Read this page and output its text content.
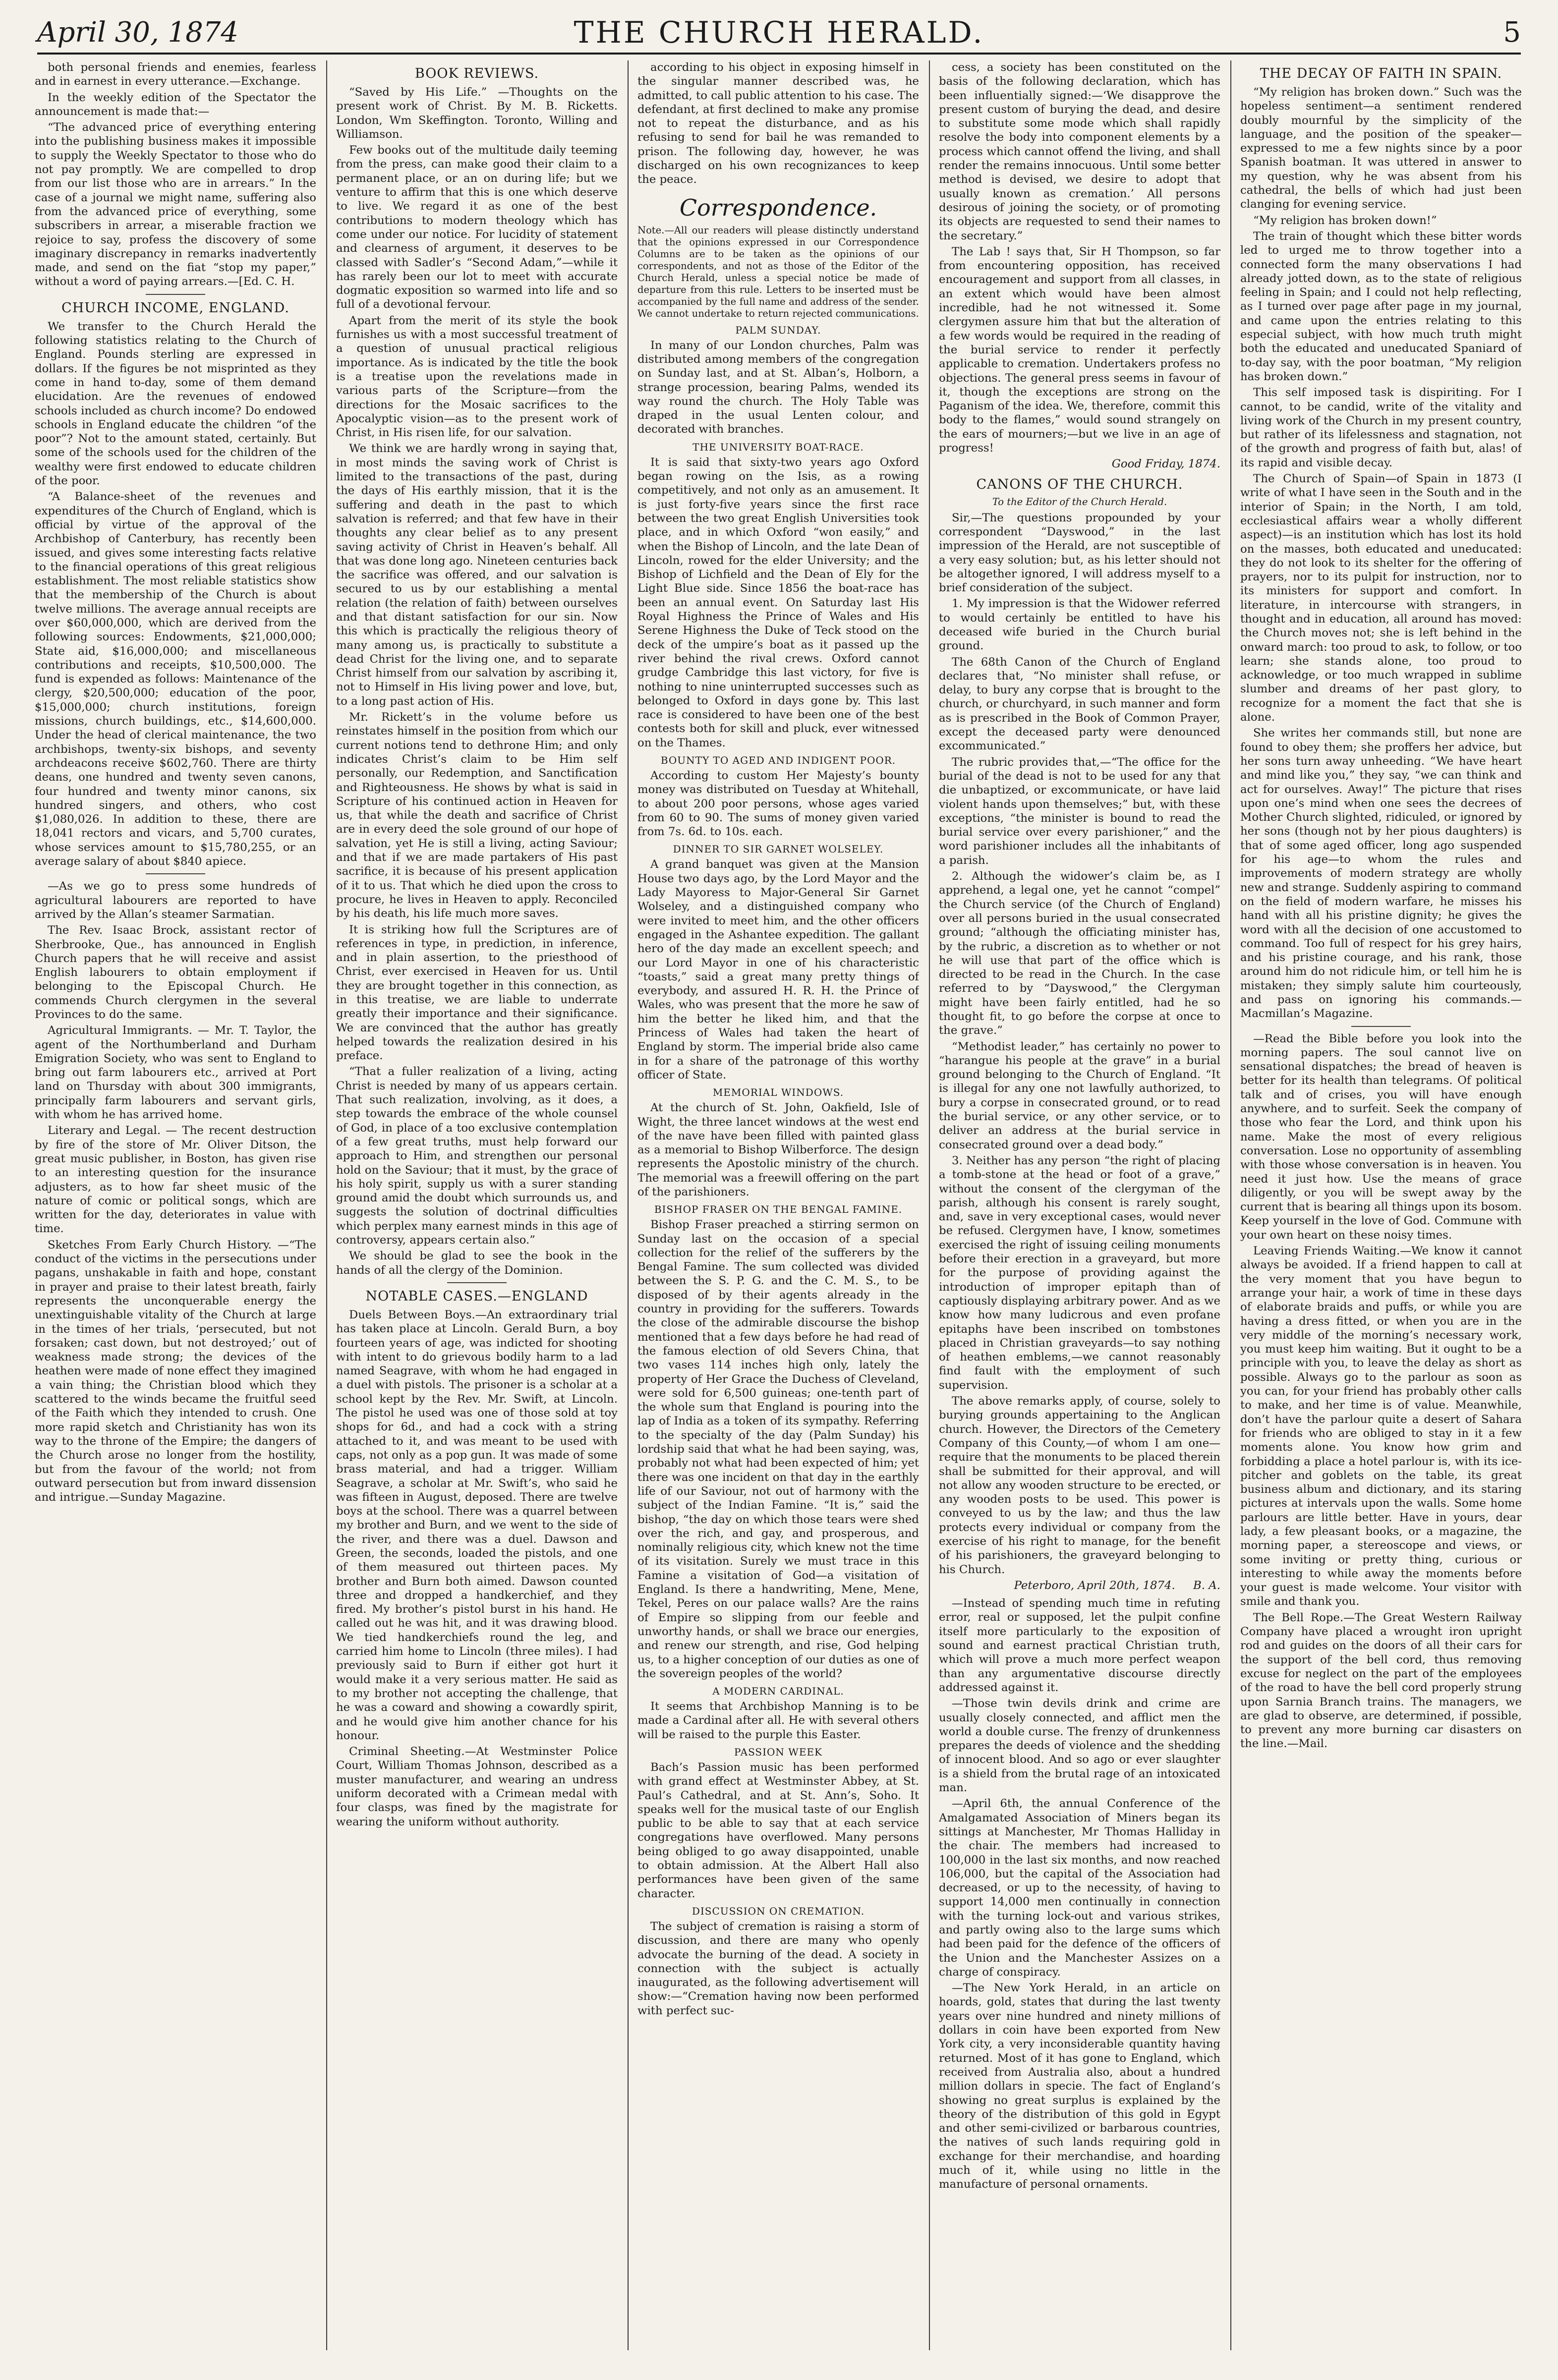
April 30, 1874	THE CHURCH HERALD.	5

both personal friends and enemies, fearless and in earnest in every utterance.—Exchange.

In the weekly edition of the Spectator the announcement is made that:—

“The advanced price of everything entering into the publishing business makes it impossible to supply the Weekly Spectator to those who do not pay promptly. We are compelled to drop from our list those who are in arrears.” In the case of a journal we might name, suffering also from the advanced price of everything, some subscribers in arrear, a miserable fraction we rejoice to say, profess the discovery of some imaginary discrepancy in remarks inadvertently made, and send on the fiat “stop my paper,” without a word of paying arrears.—[Ed. C. H.

CHURCH INCOME, ENGLAND.

We transfer to the Church Herald the following statistics relating to the Church of England. Pounds sterling are expressed in dollars. If the figures be not misprinted as they come in hand to-day, some of them demand elucidation. Are the revenues of endowed schools included as church income? Do endowed schools in England educate the children “of the poor”? Not to the amount stated, certainly. But some of the schools used for the children of the wealthy were first endowed to educate children of the poor.

“A Balance-sheet of the revenues and expenditures of the Church of England, which is official by virtue of the approval of the Archbishop of Canterbury, has recently been issued, and gives some interesting facts relative to the financial operations of this great religious establishment. The most reliable statistics show that the membership of the Church is about twelve millions. The average annual receipts are over $60,000,000, which are derived from the following sources: Endowments, $21,000,000; State aid, $16,000,000; and miscellaneous contributions and receipts, $10,500,000. The fund is expended as follows: Maintenance of the clergy, $20,500,000; education of the poor, $15,000,000; church institutions, foreign missions, church buildings, etc., $14,600,000. Under the head of clerical maintenance, the two archbishops, twenty-six bishops, and seventy archdeacons receive $602,760. There are thirty deans, one hundred and twenty seven canons, four hundred and twenty minor canons, six hundred singers, and others, who cost $1,080,026. In addition to these, there are 18,041 rectors and vicars, and 5,700 curates, whose services amount to $15,780,255, or an average salary of about $840 apiece.

—As we go to press some hundreds of agricultural labourers are reported to have arrived by the Allan’s steamer Sarmatian.

The Rev. Isaac Brock, assistant rector of Sherbrooke, Que., has announced in English Church papers that he will receive and assist English labourers to obtain employment if belonging to the Episcopal Church. He commends Church clergymen in the several Provinces to do the same.

Agricultural Immigrants. — Mr. T. Taylor, the agent of the Northumberland and Durham Emigration Society, who was sent to England to bring out farm labourers etc., arrived at Port land on Thursday with about 300 immigrants, principally farm labourers and servant girls, with whom he has arrived home.

Literary and Legal. — The recent destruction by fire of the store of Mr. Oliver Ditson, the great music publisher, in Boston, has given rise to an interesting question for the insurance adjusters, as to how far sheet music of the nature of comic or political songs, which are written for the day, deteriorates in value with time.

Sketches From Early Church History. —“The conduct of the victims in the persecutions under pagans, unshakable in faith and hope, constant in prayer and praise to their latest breath, fairly represents the unconquerable energy the unextinguishable vitality of the Church at large in the times of her trials, ‘persecuted, but not forsaken; cast down, but not destroyed;’ out of weakness made strong; the devices of the heathen were made of none effect they imagined a vain thing; the Christian blood which they scattered to the winds became the fruitful seed of the Faith which they intended to crush. One more rapid sketch and Christianity has won its way to the throne of the Empire; the dangers of the Church arose no longer from the hostility, but from the favour of the world; not from outward persecution but from inward dissension and intrigue.—Sunday Magazine.

BOOK REVIEWS.

“Saved by His Life.” —Thoughts on the present work of Christ. By M. B. Ricketts. London, Wm Skeffington. Toronto, Willing and Williamson.

Few books out of the multitude daily teeming from the press, can make good their claim to a permanent place, or an on during life; but we venture to affirm that this is one which deserve to live. We regard it as one of the best contributions to modern theology which has come under our notice. For lucidity of statement and clearness of argument, it deserves to be classed with Sadler’s “Second Adam,”—while it has rarely been our lot to meet with accurate dogmatic exposition so warmed into life and so full of a devotional fervour.

Apart from the merit of its style the book furnishes us with a most successful treatment of a question of unusual practical religious importance. As is indicated by the title the book is a treatise upon the revelations made in various parts of the Scripture—from the directions for the Mosaic sacrifices to the Apocalyptic vision—as to the present work of Christ, in His risen life, for our salvation.

We think we are hardly wrong in saying that, in most minds the saving work of Christ is limited to the transactions of the past, during the days of His earthly mission, that it is the suffering and death in the past to which salvation is referred; and that few have in their thoughts any clear belief as to any present saving activity of Christ in Heaven’s behalf. All that was done long ago. Nineteen centuries back the sacrifice was offered, and our salvation is secured to us by our establishing a mental relation (the relation of faith) between ourselves and that distant satisfaction for our sin. Now this which is practically the religious theory of many among us, is practically to substitute a dead Christ for the living one, and to separate Christ himself from our salvation by ascribing it, not to Himself in His living power and love, but, to a long past action of His.

Mr. Rickett’s in the volume before us reinstates himself in the position from which our current notions tend to dethrone Him; and only indicates Christ’s claim to be Him self personally, our Redemption, and Sanctification and Righteousness. He shows by what is said in Scripture of his continued action in Heaven for us, that while the death and sacrifice of Christ are in every deed the sole ground of our hope of salvation, yet He is still a living, acting Saviour; and that if we are made partakers of His past sacrifice, it is because of his present application of it to us. That which he died upon the cross to procure, he lives in Heaven to apply. Reconciled by his death, his life much more saves.

It is striking how full the Scriptures are of references in type, in prediction, in inference, and in plain assertion, to the priesthood of Christ, ever exercised in Heaven for us. Until they are brought together in this connection, as in this treatise, we are liable to underrate greatly their importance and their significance. We are convinced that the author has greatly helped towards the realization desired in his preface.

“That a fuller realization of a living, acting Christ is needed by many of us appears certain. That such realization, involving, as it does, a step towards the embrace of the whole counsel of God, in place of a too exclusive contemplation of a few great truths, must help forward our approach to Him, and strengthen our personal hold on the Saviour; that it must, by the grace of his holy spirit, supply us with a surer standing ground amid the doubt which surrounds us, and suggests the solution of doctrinal difficulties which perplex many earnest minds in this age of controversy, appears certain also.”

We should be glad to see the book in the hands of all the clergy of the Dominion.

NOTABLE CASES.—ENGLAND

Duels Between Boys.—An extraordinary trial has taken place at Lincoln. Gerald Burn, a boy fourteen years of age, was indicted for shooting with intent to do grievous bodily harm to a lad named Seagrave, with whom he had engaged in a duel with pistols. The prisoner is a scholar at a school kept by the Rev. Mr. Swift, at Lincoln. The pistol he used was one of those sold at toy shops for 6d., and had a cock with a string attached to it, and was meant to be used with caps, not only as a pop gun. It was made of some brass material, and had a trigger. William Seagrave, a scholar at Mr. Swift’s, who said he was fifteen in August, deposed. There are twelve boys at the school. There was a quarrel between my brother and Burn, and we went to the side of the river, and there was a duel. Dawson and Green, the seconds, loaded the pistols, and one of them measured out thirteen paces. My brother and Burn both aimed. Dawson counted three and dropped a handkerchief, and they fired. My brother’s pistol burst in his hand. He called out he was hit, and it was drawing blood. We tied handkerchiefs round the leg, and carried him home to Lincoln (three miles). I had previously said to Burn if either got hurt it would make it a very serious matter. He said as to my brother not accepting the challenge, that he was a coward and showing a cowardly spirit, and he would give him another chance for his honour.

Criminal Sheeting.—At Westminster Police Court, William Thomas Johnson, described as a muster manufacturer, and wearing an undress uniform decorated with a Crimean medal with four clasps, was fined by the magistrate for wearing the uniform without authority.

according to his object in exposing himself in the singular manner described was, he admitted, to call public attention to his case. The defendant, at first declined to make any promise not to repeat the disturbance, and as his refusing to send for bail he was remanded to prison. The following day, however, he was discharged on his own recognizances to keep the peace.

Correspondence.
Note.—All our readers will please distinctly understand that the opinions expressed in our Correspondence Columns are to be taken as the opinions of our correspondents, and not as those of the Editor of the Church Herald, unless a special notice be made of departure from this rule. Letters to be inserted must be accompanied by the full name and address of the sender. We cannot undertake to return rejected communications.
PALM SUNDAY.

In many of our London churches, Palm was distributed among members of the congregation on Sunday last, and at St. Alban’s, Holborn, a strange procession, bearing Palms, wended its way round the church. The Holy Table was draped in the usual Lenten colour, and decorated with branches.

THE UNIVERSITY BOAT-RACE.

It is said that sixty-two years ago Oxford began rowing on the Isis, as a rowing competitively, and not only as an amusement. It is just forty-five years since the first race between the two great English Universities took place, and in which Oxford “won easily,” and when the Bishop of Lincoln, and the late Dean of Lincoln, rowed for the elder University; and the Bishop of Lichfield and the Dean of Ely for the Light Blue side. Since 1856 the boat-race has been an annual event. On Saturday last His Royal Highness the Prince of Wales and His Serene Highness the Duke of Teck stood on the deck of the umpire’s boat as it passed up the river behind the rival crews. Oxford cannot grudge Cambridge this last victory, for five is nothing to nine uninterrupted successes such as belonged to Oxford in days gone by. This last race is considered to have been one of the best contests both for skill and pluck, ever witnessed on the Thames.

BOUNTY TO AGED AND INDIGENT POOR.

According to custom Her Majesty’s bounty money was distributed on Tuesday at Whitehall, to about 200 poor persons, whose ages varied from 60 to 90. The sums of money given varied from 7s. 6d. to 10s. each.

DINNER TO SIR GARNET WOLSELEY.

A grand banquet was given at the Mansion House two days ago, by the Lord Mayor and the Lady Mayoress to Major-General Sir Garnet Wolseley, and a distinguished company who were invited to meet him, and the other officers engaged in the Ashantee expedition. The gallant hero of the day made an excellent speech; and our Lord Mayor in one of his characteristic “toasts,” said a great many pretty things of everybody, and assured H. R. H. the Prince of Wales, who was present that the more he saw of him the better he liked him, and that the Princess of Wales had taken the heart of England by storm. The imperial bride also came in for a share of the patronage of this worthy officer of State.

MEMORIAL WINDOWS.

At the church of St. John, Oakfield, Isle of Wight, the three lancet windows at the west end of the nave have been filled with painted glass as a memorial to Bishop Wilberforce. The design represents the Apostolic ministry of the church. The memorial was a freewill offering on the part of the parishioners.

BISHOP FRASER ON THE BENGAL FAMINE.

Bishop Fraser preached a stirring sermon on Sunday last on the occasion of a special collection for the relief of the sufferers by the Bengal Famine. The sum collected was divided between the S. P. G. and the C. M. S., to be disposed of by their agents already in the country in providing for the sufferers. Towards the close of the admirable discourse the bishop mentioned that a few days before he had read of the famous election of old Severs China, that two vases 114 inches high only, lately the property of Her Grace the Duchess of Cleveland, were sold for 6,500 guineas; one-tenth part of the whole sum that England is pouring into the lap of India as a token of its sympathy. Referring to the specialty of the day (Palm Sunday) his lordship said that what he had been saying, was, probably not what had been expected of him; yet there was one incident on that day in the earthly life of our Saviour, not out of harmony with the subject of the Indian Famine. “It is,” said the bishop, “the day on which those tears were shed over the rich, and gay, and prosperous, and nominally religious city, which knew not the time of its visitation. Surely we must trace in this Famine a visitation of God—a visitation of England. Is there a handwriting, Mene, Mene, Tekel, Peres on our palace walls? Are the rains of Empire so slipping from our feeble and unworthy hands, or shall we brace our energies, and renew our strength, and rise, God helping us, to a higher conception of our duties as one of the sovereign peoples of the world?

A MODERN CARDINAL.

It seems that Archbishop Manning is to be made a Cardinal after all. He with several others will be raised to the purple this Easter.

PASSION WEEK

Bach’s Passion music has been performed with grand effect at Westminster Abbey, at St. Paul’s Cathedral, and at St. Ann’s, Soho. It speaks well for the musical taste of our English public to be able to say that at each service congregations have overflowed. Many persons being obliged to go away disappointed, unable to obtain admission. At the Albert Hall also performances have been given of the same character.

DISCUSSION ON CREMATION.

The subject of cremation is raising a storm of discussion, and there are many who openly advocate the burning of the dead. A society in connection with the subject is actually inaugurated, as the following advertisement will show:—“Cremation having now been performed with perfect suc-

cess, a society has been constituted on the basis of the following declaration, which has been influentially signed:—‘We disapprove the present custom of burying the dead, and desire to substitute some mode which shall rapidly resolve the body into component elements by a process which cannot offend the living, and shall render the remains innocuous. Until some better method is devised, we desire to adopt that usually known as cremation.’ All persons desirous of joining the society, or of promoting its objects are requested to send their names to the secretary.”

The Lab ! says that, Sir H Thompson, so far from encountering opposition, has received encouragement and support from all classes, in an extent which would have been almost incredible, had he not witnessed it. Some clergymen assure him that but the alteration of a few words would be required in the reading of the burial service to render it perfectly applicable to cremation. Undertakers profess no objections. The general press seems in favour of it, though the exceptions are strong on the Paganism of the idea. We, therefore, commit this body to the flames,” would sound strangely on the ears of mourners;—but we live in an age of progress!

Good Friday, 1874.
CANONS OF THE CHURCH.
To the Editor of the Church Herald.

Sir,—The questions propounded by your correspondent “Dayswood,” in the last impression of the Herald, are not susceptible of a very easy solution; but, as his letter should not be altogether ignored, I will address myself to a brief consideration of the subject.

1. My impression is that the Widower referred to would certainly be entitled to have his deceased wife buried in the Church burial ground.

The 68th Canon of the Church of England declares that, “No minister shall refuse, or delay, to bury any corpse that is brought to the church, or churchyard, in such manner and form as is prescribed in the Book of Common Prayer, except the deceased party were denounced excommunicated.”

The rubric provides that,—“The office for the burial of the dead is not to be used for any that die unbaptized, or excommunicate, or have laid violent hands upon themselves;” but, with these exceptions, “the minister is bound to read the burial service over every parishioner,” and the word parishioner includes all the inhabitants of a parish.

2. Although the widower’s claim be, as I apprehend, a legal one, yet he cannot “compel” the Church service (of the Church of England) over all persons buried in the usual consecrated ground; “although the officiating minister has, by the rubric, a discretion as to whether or not he will use that part of the office which is directed to be read in the Church. In the case referred to by “Dayswood,” the Clergyman might have been fairly entitled, had he so thought fit, to go before the corpse at once to the grave.”

“Methodist leader,” has certainly no power to “harangue his people at the grave” in a burial ground belonging to the Church of England. “It is illegal for any one not lawfully authorized, to bury a corpse in consecrated ground, or to read the burial service, or any other service, or to deliver an address at the burial service in consecrated ground over a dead body.”

3. Neither has any person “the right of placing a tomb-stone at the head or foot of a grave,” without the consent of the clergyman of the parish, although his consent is rarely sought, and, save in very exceptional cases, would never be refused. Clergymen have, I know, sometimes exercised the right of issuing ceiling monuments before their erection in a graveyard, but more for the purpose of providing against the introduction of improper epitaph than of captiously displaying arbitrary power. And as we know how many ludicrous and even profane epitaphs have been inscribed on tombstones placed in Christian graveyards—to say nothing of heathen emblems,—we cannot reasonably find fault with the employment of such supervision.

The above remarks apply, of course, solely to burying grounds appertaining to the Anglican church. However, the Directors of the Cemetery Company of this County,—of whom I am one—require that the monuments to be placed therein shall be submitted for their approval, and will not allow any wooden structure to be erected, or any wooden posts to be used. This power is conveyed to us by the law; and thus the law protects every individual or company from the exercise of his right to manage, for the benefit of his parishioners, the graveyard belonging to his Church.

Peterboro, April 20th, 1874. B. A.

—Instead of spending much time in refuting error, real or supposed, let the pulpit confine itself more particularly to the exposition of sound and earnest practical Christian truth, which will prove a much more perfect weapon than any argumentative discourse directly addressed against it.

—Those twin devils drink and crime are usually closely connected, and afflict men the world a double curse. The frenzy of drunkenness prepares the deeds of violence and the shedding of innocent blood. And so ago or ever slaughter is a shield from the brutal rage of an intoxicated man.

—April 6th, the annual Conference of the Amalgamated Association of Miners began its sittings at Manchester, Mr Thomas Halliday in the chair. The members had increased to 100,000 in the last six months, and now reached 106,000, but the capital of the Association had decreased, or up to the necessity, of having to support 14,000 men continually in connection with the turning lock-out and various strikes, and partly owing also to the large sums which had been paid for the defence of the officers of the Union and the Manchester Assizes on a charge of conspiracy.

—The New York Herald, in an article on hoards, gold, states that during the last twenty years over nine hundred and ninety millions of dollars in coin have been exported from New York city, a very inconsiderable quantity having returned. Most of it has gone to England, which received from Australia also, about a hundred million dollars in specie. The fact of England’s showing no great surplus is explained by the theory of the distribution of this gold in Egypt and other semi-civilized or barbarous countries, the natives of such lands requiring gold in exchange for their merchandise, and hoarding much of it, while using no little in the manufacture of personal ornaments.

THE DECAY OF FAITH IN SPAIN.

“My religion has broken down.” Such was the hopeless sentiment—a sentiment rendered doubly mournful by the simplicity of the language, and the position of the speaker—expressed to me a few nights since by a poor Spanish boatman. It was uttered in answer to my question, why he was absent from his cathedral, the bells of which had just been clanging for evening service.

“My religion has broken down!”

The train of thought which these bitter words led to urged me to throw together into a connected form the many observations I had already jotted down, as to the state of religious feeling in Spain; and I could not help reflecting, as I turned over page after page in my journal, and came upon the entries relating to this especial subject, with how much truth might both the educated and uneducated Spaniard of to-day say, with the poor boatman, “My religion has broken down.”

This self imposed task is dispiriting. For I cannot, to be candid, write of the vitality and living work of the Church in my present country, but rather of its lifelessness and stagnation, not of the growth and progress of faith but, alas! of its rapid and visible decay.

The Church of Spain—of Spain in 1873 (I write of what I have seen in the South and in the interior of Spain; in the North, I am told, ecclesiastical affairs wear a wholly different aspect)—is an institution which has lost its hold on the masses, both educated and uneducated: they do not look to its shelter for the offering of prayers, nor to its pulpit for instruction, nor to its ministers for support and comfort. In literature, in intercourse with strangers, in thought and in education, all around has moved: the Church moves not; she is left behind in the onward march: too proud to ask, to follow, or too learn; she stands alone, too proud to acknowledge, or too much wrapped in sublime slumber and dreams of her past glory, to recognize for a moment the fact that she is alone.

She writes her commands still, but none are found to obey them; she proffers her advice, but her sons turn away unheeding. “We have heart and mind like you,” they say, “we can think and act for ourselves. Away!” The picture that rises upon one’s mind when one sees the decrees of Mother Church slighted, ridiculed, or ignored by her sons (though not by her pious daughters) is that of some aged officer, long ago suspended for his age—to whom the rules and improvements of modern strategy are wholly new and strange. Suddenly aspiring to command on the field of modern warfare, he misses his hand with all his pristine dignity; he gives the word with all the decision of one accustomed to command. Too full of respect for his grey hairs, and his pristine courage, and his rank, those around him do not ridicule him, or tell him he is mistaken; they simply salute him courteously, and pass on ignoring his commands.—Macmillan’s Magazine.

—Read the Bible before you look into the morning papers. The soul cannot live on sensational dispatches; the bread of heaven is better for its health than telegrams. Of political talk and of crises, you will have enough anywhere, and to surfeit. Seek the company of those who fear the Lord, and think upon his name. Make the most of every religious conversation. Lose no opportunity of assembling with those whose conversation is in heaven. You need it just how. Use the means of grace diligently, or you will be swept away by the current that is bearing all things upon its bosom. Keep yourself in the love of God. Commune with your own heart on these noisy times.

Leaving Friends Waiting.—We know it cannot always be avoided. If a friend happen to call at the very moment that you have begun to arrange your hair, a work of time in these days of elaborate braids and puffs, or while you are having a dress fitted, or when you are in the very middle of the morning’s necessary work, you must keep him waiting. But it ought to be a principle with you, to leave the delay as short as possible. Always go to the parlour as soon as you can, for your friend has probably other calls to make, and her time is of value. Meanwhile, don’t have the parlour quite a desert of Sahara for friends who are obliged to stay in it a few moments alone. You know how grim and forbidding a place a hotel parlour is, with its ice-pitcher and goblets on the table, its great business album and dictionary, and its staring pictures at intervals upon the walls. Some home parlours are little better. Have in yours, dear lady, a few pleasant books, or a magazine, the morning paper, a stereoscope and views, or some inviting or pretty thing, curious or interesting to while away the moments before your guest is made welcome. Your visitor with smile and thank you.

The Bell Rope.—The Great Western Railway Company have placed a wrought iron upright rod and guides on the doors of all their cars for the support of the bell cord, thus removing excuse for neglect on the part of the employees of the road to have the bell cord properly strung upon Sarnia Branch trains. The managers, we are glad to observe, are determined, if possible, to prevent any more burning car disasters on the line.—Mail.
